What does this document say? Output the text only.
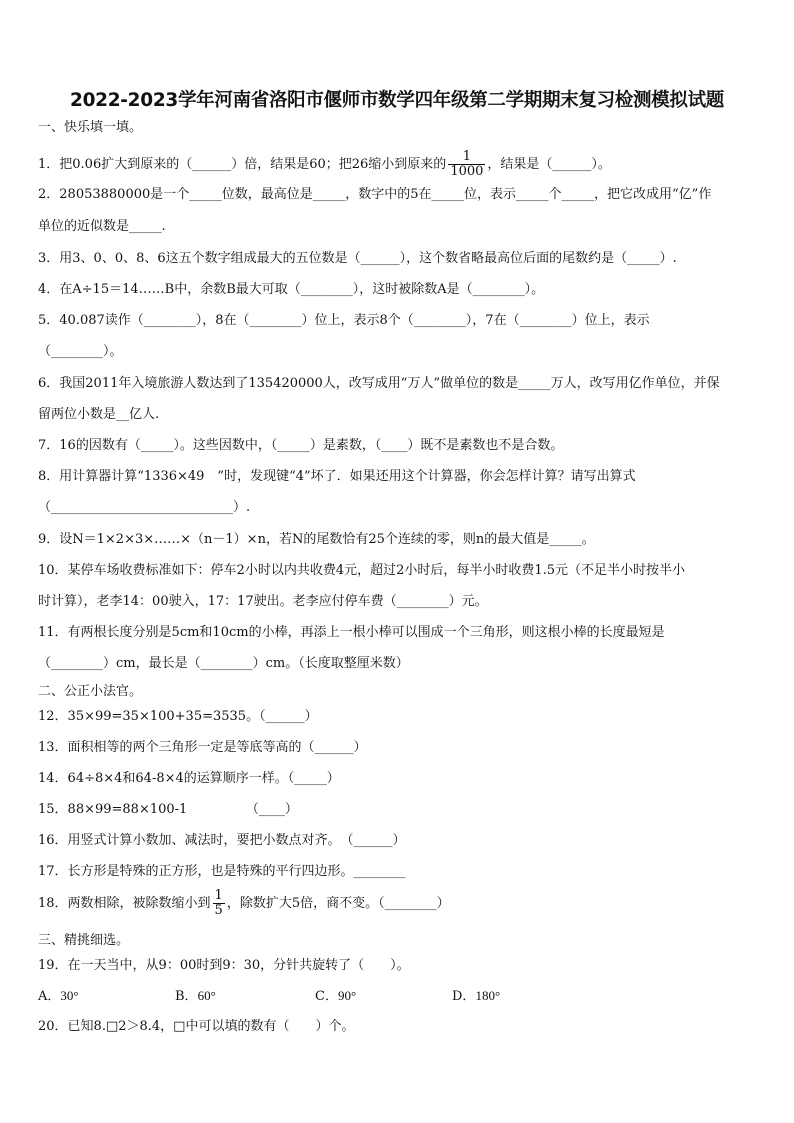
2022-2023学年河南省洛阳市偃师市数学四年级第二学期期末复习检测模拟试题
一、快乐填一填。
1．把0.06扩大到原来的（______）倍，结果是60；把26缩小到原来的 $\frac{1}{1000}$ ，结果是（______）。
2．28053880000是一个_____位数，最高位是_____，数字中的5在_____位，表示_____个_____，把它改成用“亿”作
单位的近似数是_____.
3．用3、0、0、8、6这五个数字组成最大的五位数是（______），这个数省略最高位后面的尾数约是（_____）.
4．在A÷15＝14……B中，余数B最大可取（________），这时被除数A是（________）。
5．40.087读作（________），8在（________）位上，表示8个（________），7在（________）位上，表示
（________）。
6．我国2011年入境旅游人数达到了135420000人，改写成用“万人”做单位的数是_____万人，改写用亿作单位，并保
留两位小数是__亿人.
7．16的因数有（_____）。这些因数中，（_____）是素数，（____）既不是素数也不是合数。
8．用计算器计算“1336×49　”时，发现键“4”坏了．如果还用这个计算器，你会怎样计算？请写出算式
（____________________________）.
9．设N＝1×2×3×……×（n－1）×n，若N的尾数恰有25个连续的零，则n的最大值是_____。
10．某停车场收费标准如下：停车2小时以内共收费4元，超过2小时后，每半小时收费1.5元（不足半小时按半小
时计算），老李14：00驶入，17：17驶出。老李应付停车费（________）元。
11．有两根长度分别是5cm和10cm的小棒，再添上一根小棒可以围成一个三角形，则这根小棒的长度最短是
（________）cm，最长是（________）cm。（长度取整厘米数）
二、公正小法官。
12．35×99=35×100+35=3535。（______）
13．面积相等的两个三角形一定是等底等高的（______）
14．64÷8×4和64-8×4的运算顺序一样。（_____）
15．88×99=88×100-1　　　　　（____）
16．用竖式计算小数加、减法时，要把小数点对齐。　（______）
17．长方形是特殊的正方形，也是特殊的平行四边形。________
18．两数相除，被除数缩小到 $\frac{1}{5}$ ，除数扩大5倍，商不变。（________）
三、精挑细选。
19．在一天当中，从9：00时到9：30，分针共旋转了（　　）。
A．30°	B．60°	C．90°	D．180°
20．已知8.□2＞8.4，□中可以填的数有（　　）个。
